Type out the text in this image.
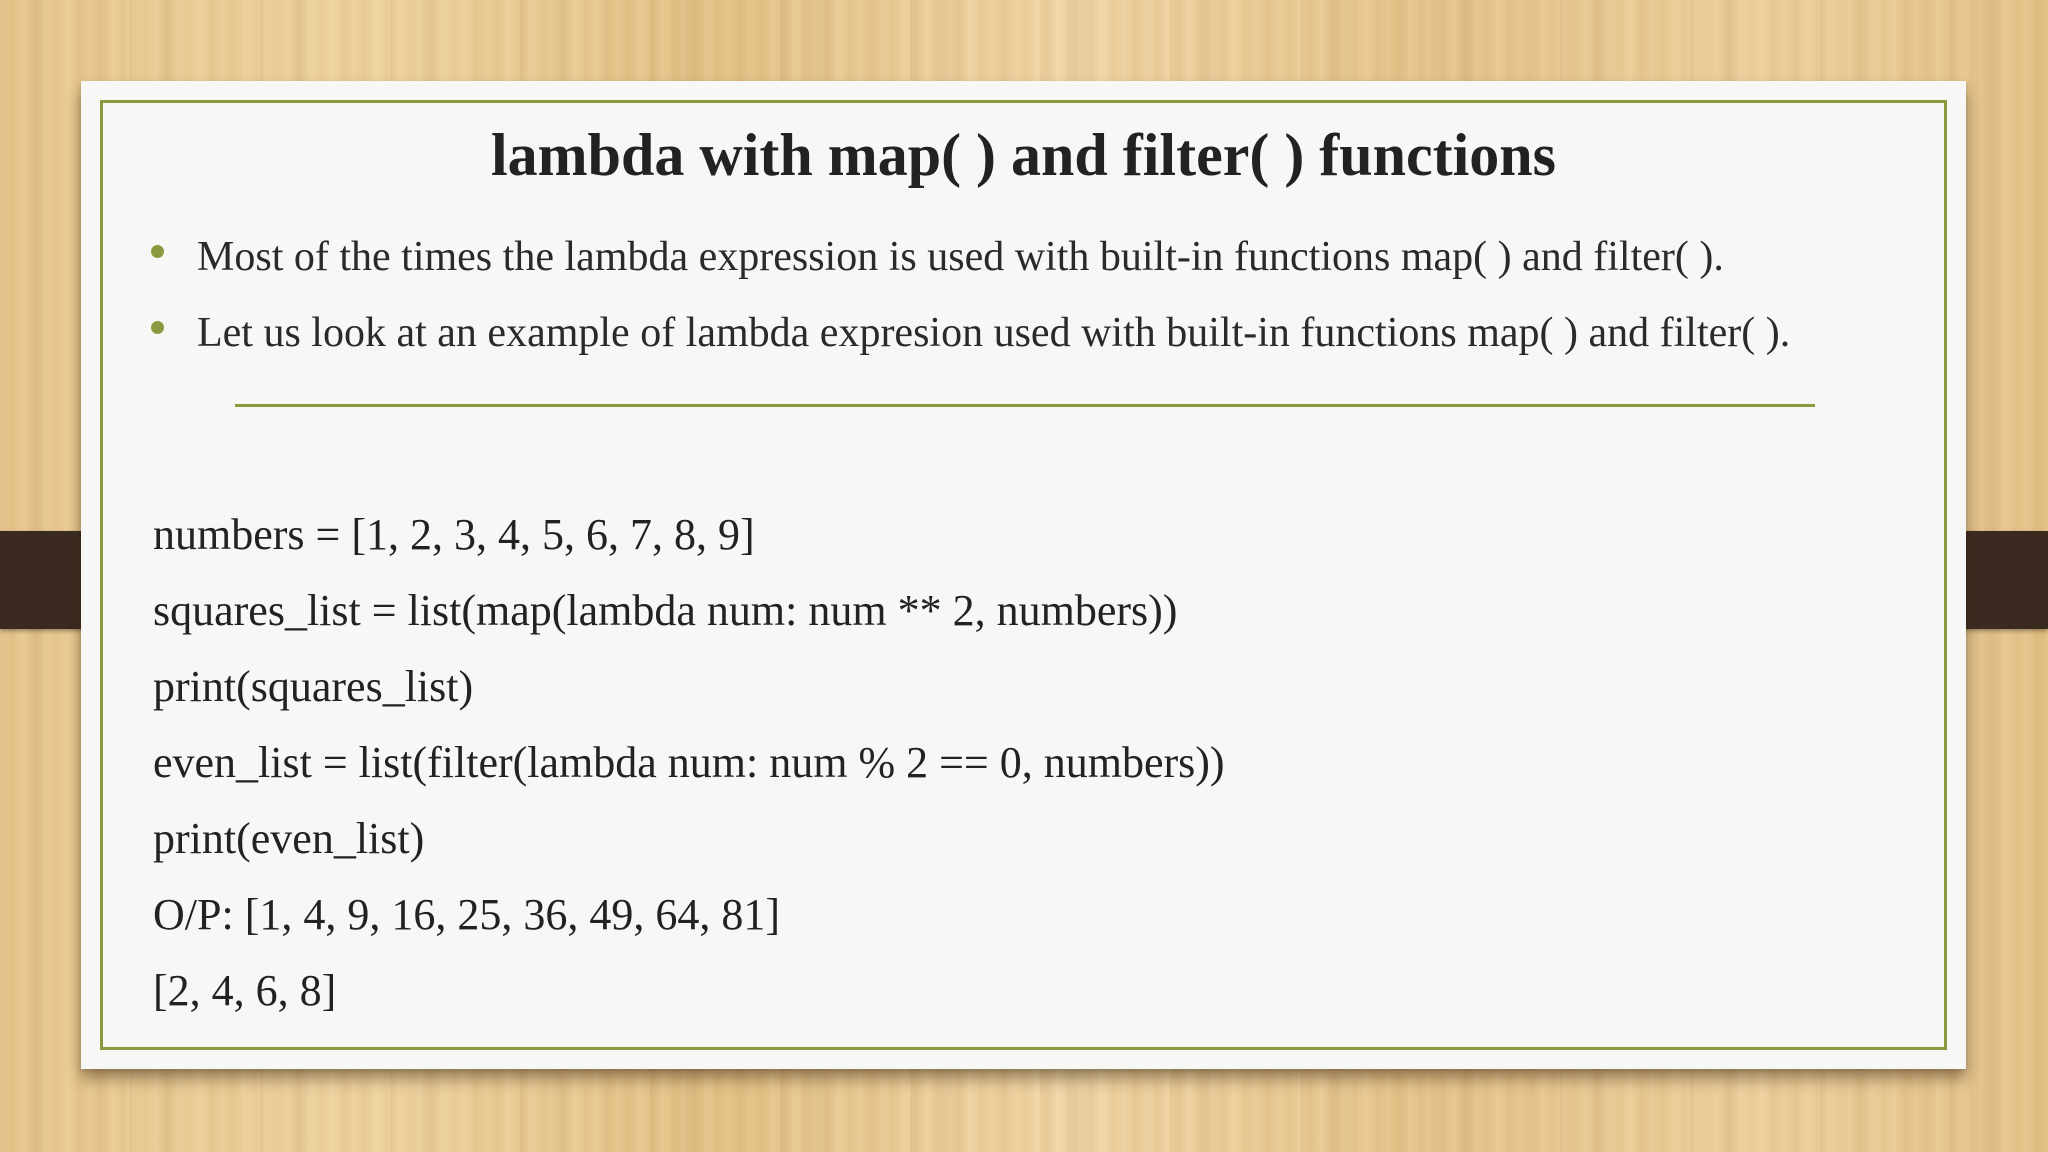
lambda with map( ) and filter( ) functions
Most of the times the lambda expression is used with built-in functions map( ) and filter( ).
Let us look at an example of lambda expresion used with built-in functions map( ) and filter( ).
numbers = [1, 2, 3, 4, 5, 6, 7, 8, 9]
squares_list = list(map(lambda num: num ** 2, numbers))
print(squares_list)
even_list = list(filter(lambda num: num % 2 == 0, numbers))
print(even_list)
O/P: [1, 4, 9, 16, 25, 36, 49, 64, 81]
[2, 4, 6, 8]
